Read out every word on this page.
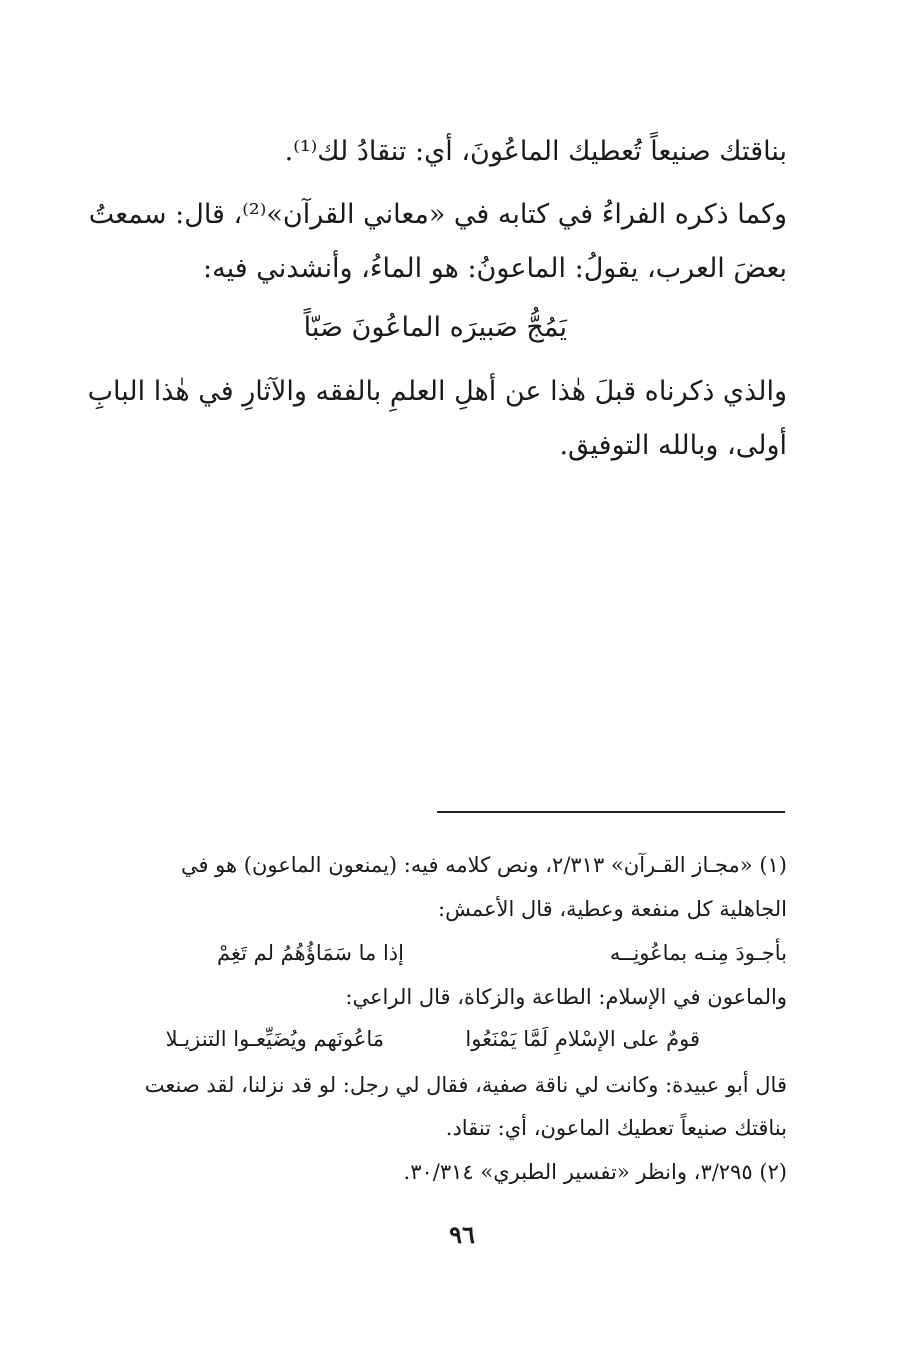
بناقتك صنيعاً تُعطيك الماعُونَ، أي: تنقادُ لك⁽¹⁾.
وكما ذكره الفراءُ في كتابه في «معاني القرآن»⁽²⁾، قال: سمعتُ
بعضَ العرب، يقولُ: الماعونُ: هو الماءُ، وأنشدني فيه:
يَمُجُّ صَبيرَه الماعُونَ صَبّاً
والذي ذكرناه قبلَ هٰذا عن أهلِ العلمِ بالفقه والآثارِ في هٰذا البابِ
أولى، وبالله التوفيق.
(١) «مجـاز القـرآن» ٢/٣١٣، ونص كلامه فيه: (يمنعون الماعون) هو في
الجاهلية كل منفعة وعطية، قال الأعمش:
بأجـودَ مِنـه بماعُونِــه
إذا ما سَمَاؤُهُمُ لم تَغِمْ
والماعون في الإسلام: الطاعة والزكاة، قال الراعي:
قومٌ على الإسْلامِ لَمَّا يَمْنَعُوا
مَاعُونَهم ويُضَيِّعـوا التنزيـلا
قال أبو عبيدة: وكانت لي ناقة صفية، فقال لي رجل: لو قد نزلنا، لقد صنعت
بناقتك صنيعاً تعطيك الماعون، أي: تنقاد.
(٢) ٣/٢٩٥، وانظر «تفسير الطبري» ٣٠/٣١٤.
٩٦
